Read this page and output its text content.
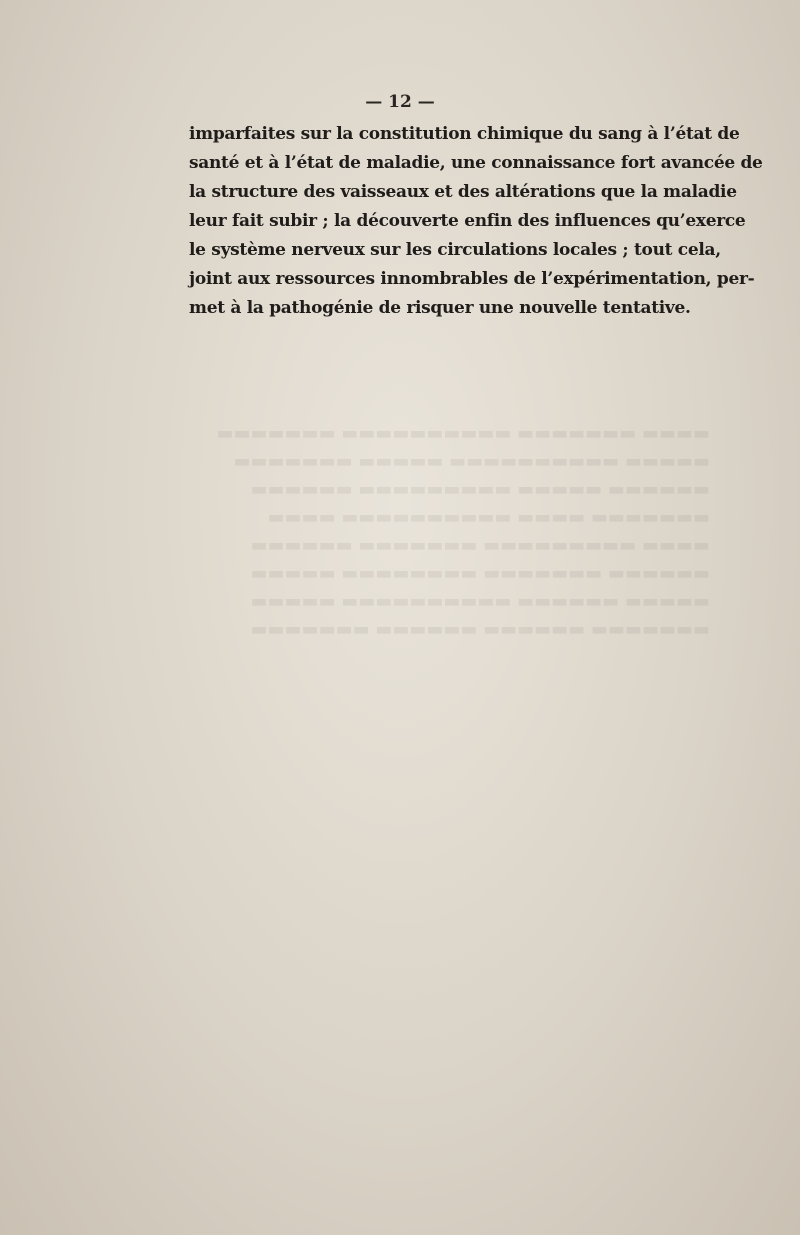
▬▬▬▬ ▬▬▬▬▬▬▬ ▬▬▬▬▬▬▬▬▬▬ ▬▬▬▬▬▬▬
▬▬▬▬▬ ▬▬▬▬▬▬▬▬▬▬ ▬▬▬▬▬ ▬▬▬▬▬▬▬
▬▬▬▬▬▬ ▬▬▬▬▬ ▬▬▬▬▬▬▬▬▬ ▬▬▬▬▬▬
▬▬▬▬▬▬▬ ▬▬▬▬ ▬▬▬▬▬▬▬▬▬▬ ▬▬▬▬
▬▬▬▬ ▬▬▬▬▬▬▬▬▬ ▬▬▬▬▬▬▬ ▬▬▬▬▬▬
▬▬▬▬▬▬ ▬▬▬▬▬▬▬ ▬▬▬▬▬▬▬▬ ▬▬▬▬▬
▬▬▬▬▬ ▬▬▬▬▬▬ ▬▬▬▬▬▬▬▬▬▬ ▬▬▬▬▬
▬▬▬▬▬▬▬ ▬▬▬▬▬▬ ▬▬▬▬▬▬ ▬▬▬▬▬▬▬
— 12 —
imparfaites sur la constitution chimique du sang à l’état de
santé et à l’état de maladie, une connaissance fort avancée de
la structure des vaisseaux et des altérations que la maladie
leur fait subir ; la découverte enfin des influences qu’exerce
le système nerveux sur les circulations locales ; tout cela,
joint aux ressources innombrables de l’expérimentation, per-
met à la pathogénie de risquer une nouvelle tentative.
